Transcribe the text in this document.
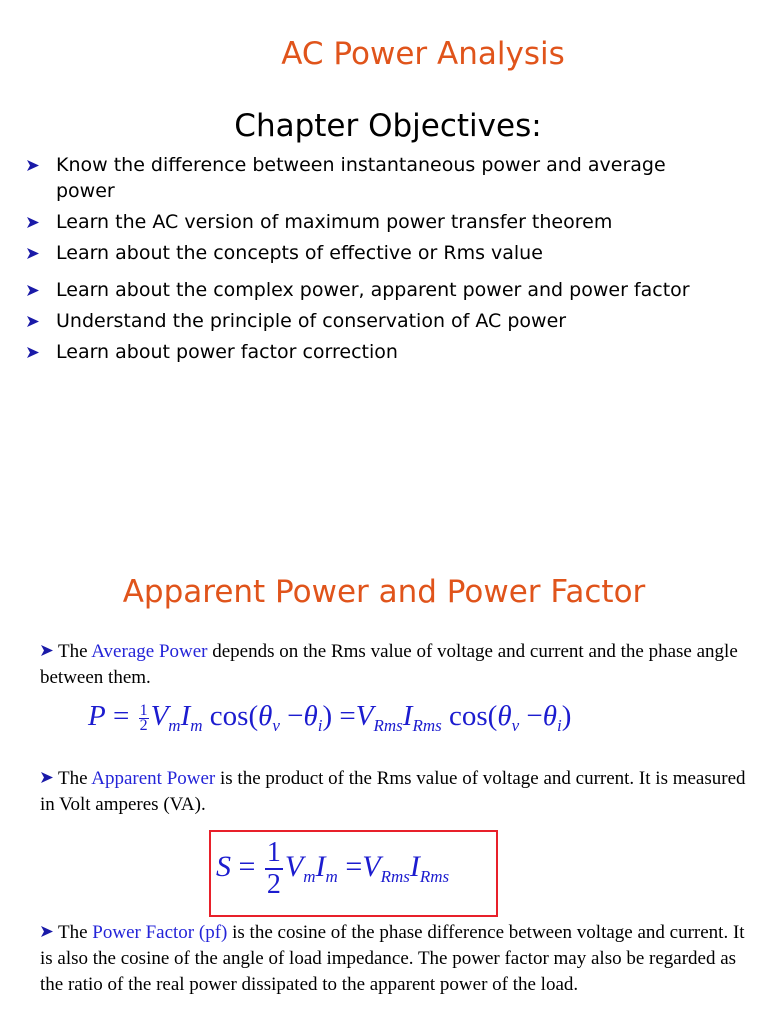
AC Power Analysis
Chapter Objectives:
Know the difference between instantaneous power and average power
Learn the AC version of maximum power transfer theorem
Learn about the concepts of effective or Rms value
Learn about the complex power, apparent power and power factor
Understand the principle of conservation of AC power
Learn about power factor correction
Apparent Power and Power Factor
The Average Power depends on the Rms value of voltage and current and the phase angle between them.
$P = \frac{1}{2} V_mI_m$ $\cos(\theta_v -\theta_i) =V_{Rms}I_{Rms}$ $\cos(\theta_v -\theta_i)$
The Apparent Power is the product of the Rms value of voltage and current. It is measured in Volt amperes (VA).
$S = \frac{1}{2} V_mI_m =V_{Rms}I_{Rms}$
The Power Factor (pf) is the cosine of the phase difference between voltage and current. It is also the cosine of the angle of load impedance. The power factor may also be regarded as the ratio of the real power dissipated to the apparent power of the load.
